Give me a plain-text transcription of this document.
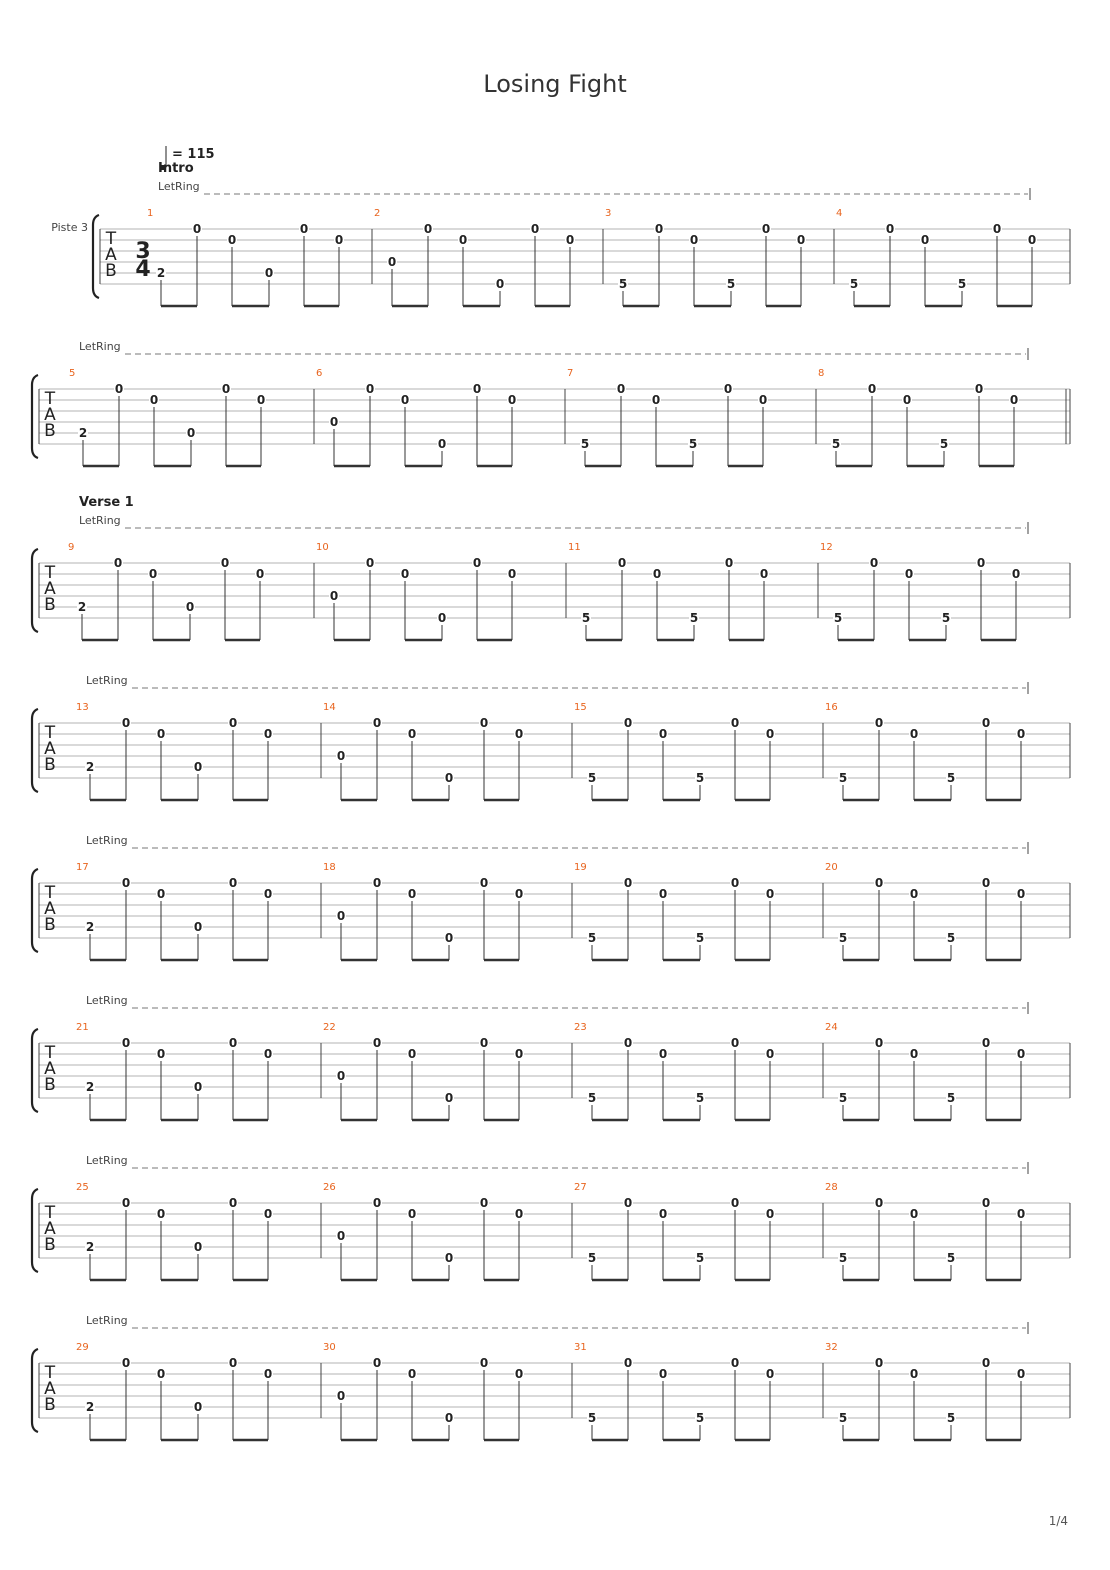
Losing Fight
T
A
B
3
4
Piste 3
= 115
Intro
LetRing
1
2
0
0
0
0
0
2
0
0
0
0
0
0
3
5
0
0
5
0
0
4
5
0
0
5
0
0
T
A
B
LetRing
5
2
0
0
0
0
0
6
0
0
0
0
0
0
7
5
0
0
5
0
0
8
5
0
0
5
0
0
T
A
B
Verse 1
LetRing
9
2
0
0
0
0
0
10
0
0
0
0
0
0
11
5
0
0
5
0
0
12
5
0
0
5
0
0
T
A
B
LetRing
13
2
0
0
0
0
0
14
0
0
0
0
0
0
15
5
0
0
5
0
0
16
5
0
0
5
0
0
T
A
B
LetRing
17
2
0
0
0
0
0
18
0
0
0
0
0
0
19
5
0
0
5
0
0
20
5
0
0
5
0
0
T
A
B
LetRing
21
2
0
0
0
0
0
22
0
0
0
0
0
0
23
5
0
0
5
0
0
24
5
0
0
5
0
0
T
A
B
LetRing
25
2
0
0
0
0
0
26
0
0
0
0
0
0
27
5
0
0
5
0
0
28
5
0
0
5
0
0
T
A
B
LetRing
29
2
0
0
0
0
0
30
0
0
0
0
0
0
31
5
0
0
5
0
0
32
5
0
0
5
0
0
1/4
